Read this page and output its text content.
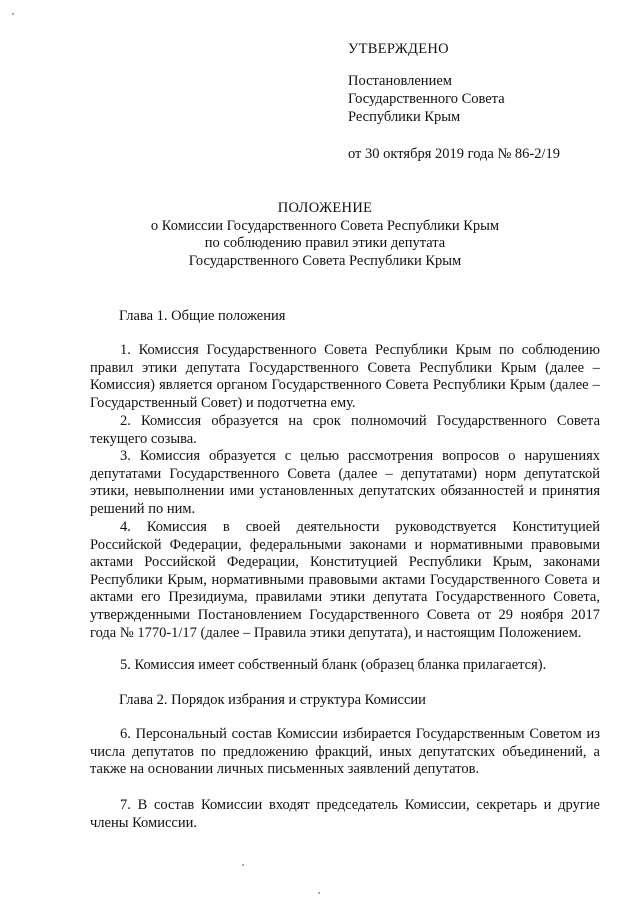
УТВЕРЖДЕНО

Постановлением

Государственного Совета

Республики Крым

от 30 октября 2019 года № 86-2/19

ПОЛОЖЕНИЕ

о Комиссии Государственного Совета Республики Крым

по соблюдению правил этики депутата

Государственного Совета Республики Крым

Глава 1. Общие положения

1. Комиссия Государственного Совета Республики Крым по соблюдению правил этики депутата Государственного Совета Республики Крым (далее – Комиссия) является органом Государственного Совета Республики Крым (далее – Государственный Совет) и подотчетна ему.

2. Комиссия образуется на срок полномочий Государственного Совета текущего созыва.

3. Комиссия образуется с целью рассмотрения вопросов о нарушениях депутатами Государственного Совета (далее – депутатами) норм депутатской этики, невыполнении ими установленных депутатских обязанностей и принятия решений по ним.

4. Комиссия в своей деятельности руководствуется Конституцией Российской Федерации, федеральными законами и нормативными правовыми актами Российской Федерации, Конституцией Республики Крым, законами Республики Крым, нормативными правовыми актами Государственного Совета и актами его Президиума, правилами этики депутата Государственного Совета, утвержденными Постановлением Государственного Совета от 29 ноября 2017 года № 1770-1/17 (далее – Правила этики депутата), и настоящим Положением.

5. Комиссия имеет собственный бланк (образец бланка прилагается).

Глава 2. Порядок избрания и структура Комиссии

6. Персональный состав Комиссии избирается Государственным Советом из числа депутатов по предложению фракций, иных депутатских объединений, а также на основании личных письменных заявлений депутатов.

7. В состав Комиссии входят председатель Комиссии, секретарь и другие члены Комиссии.
